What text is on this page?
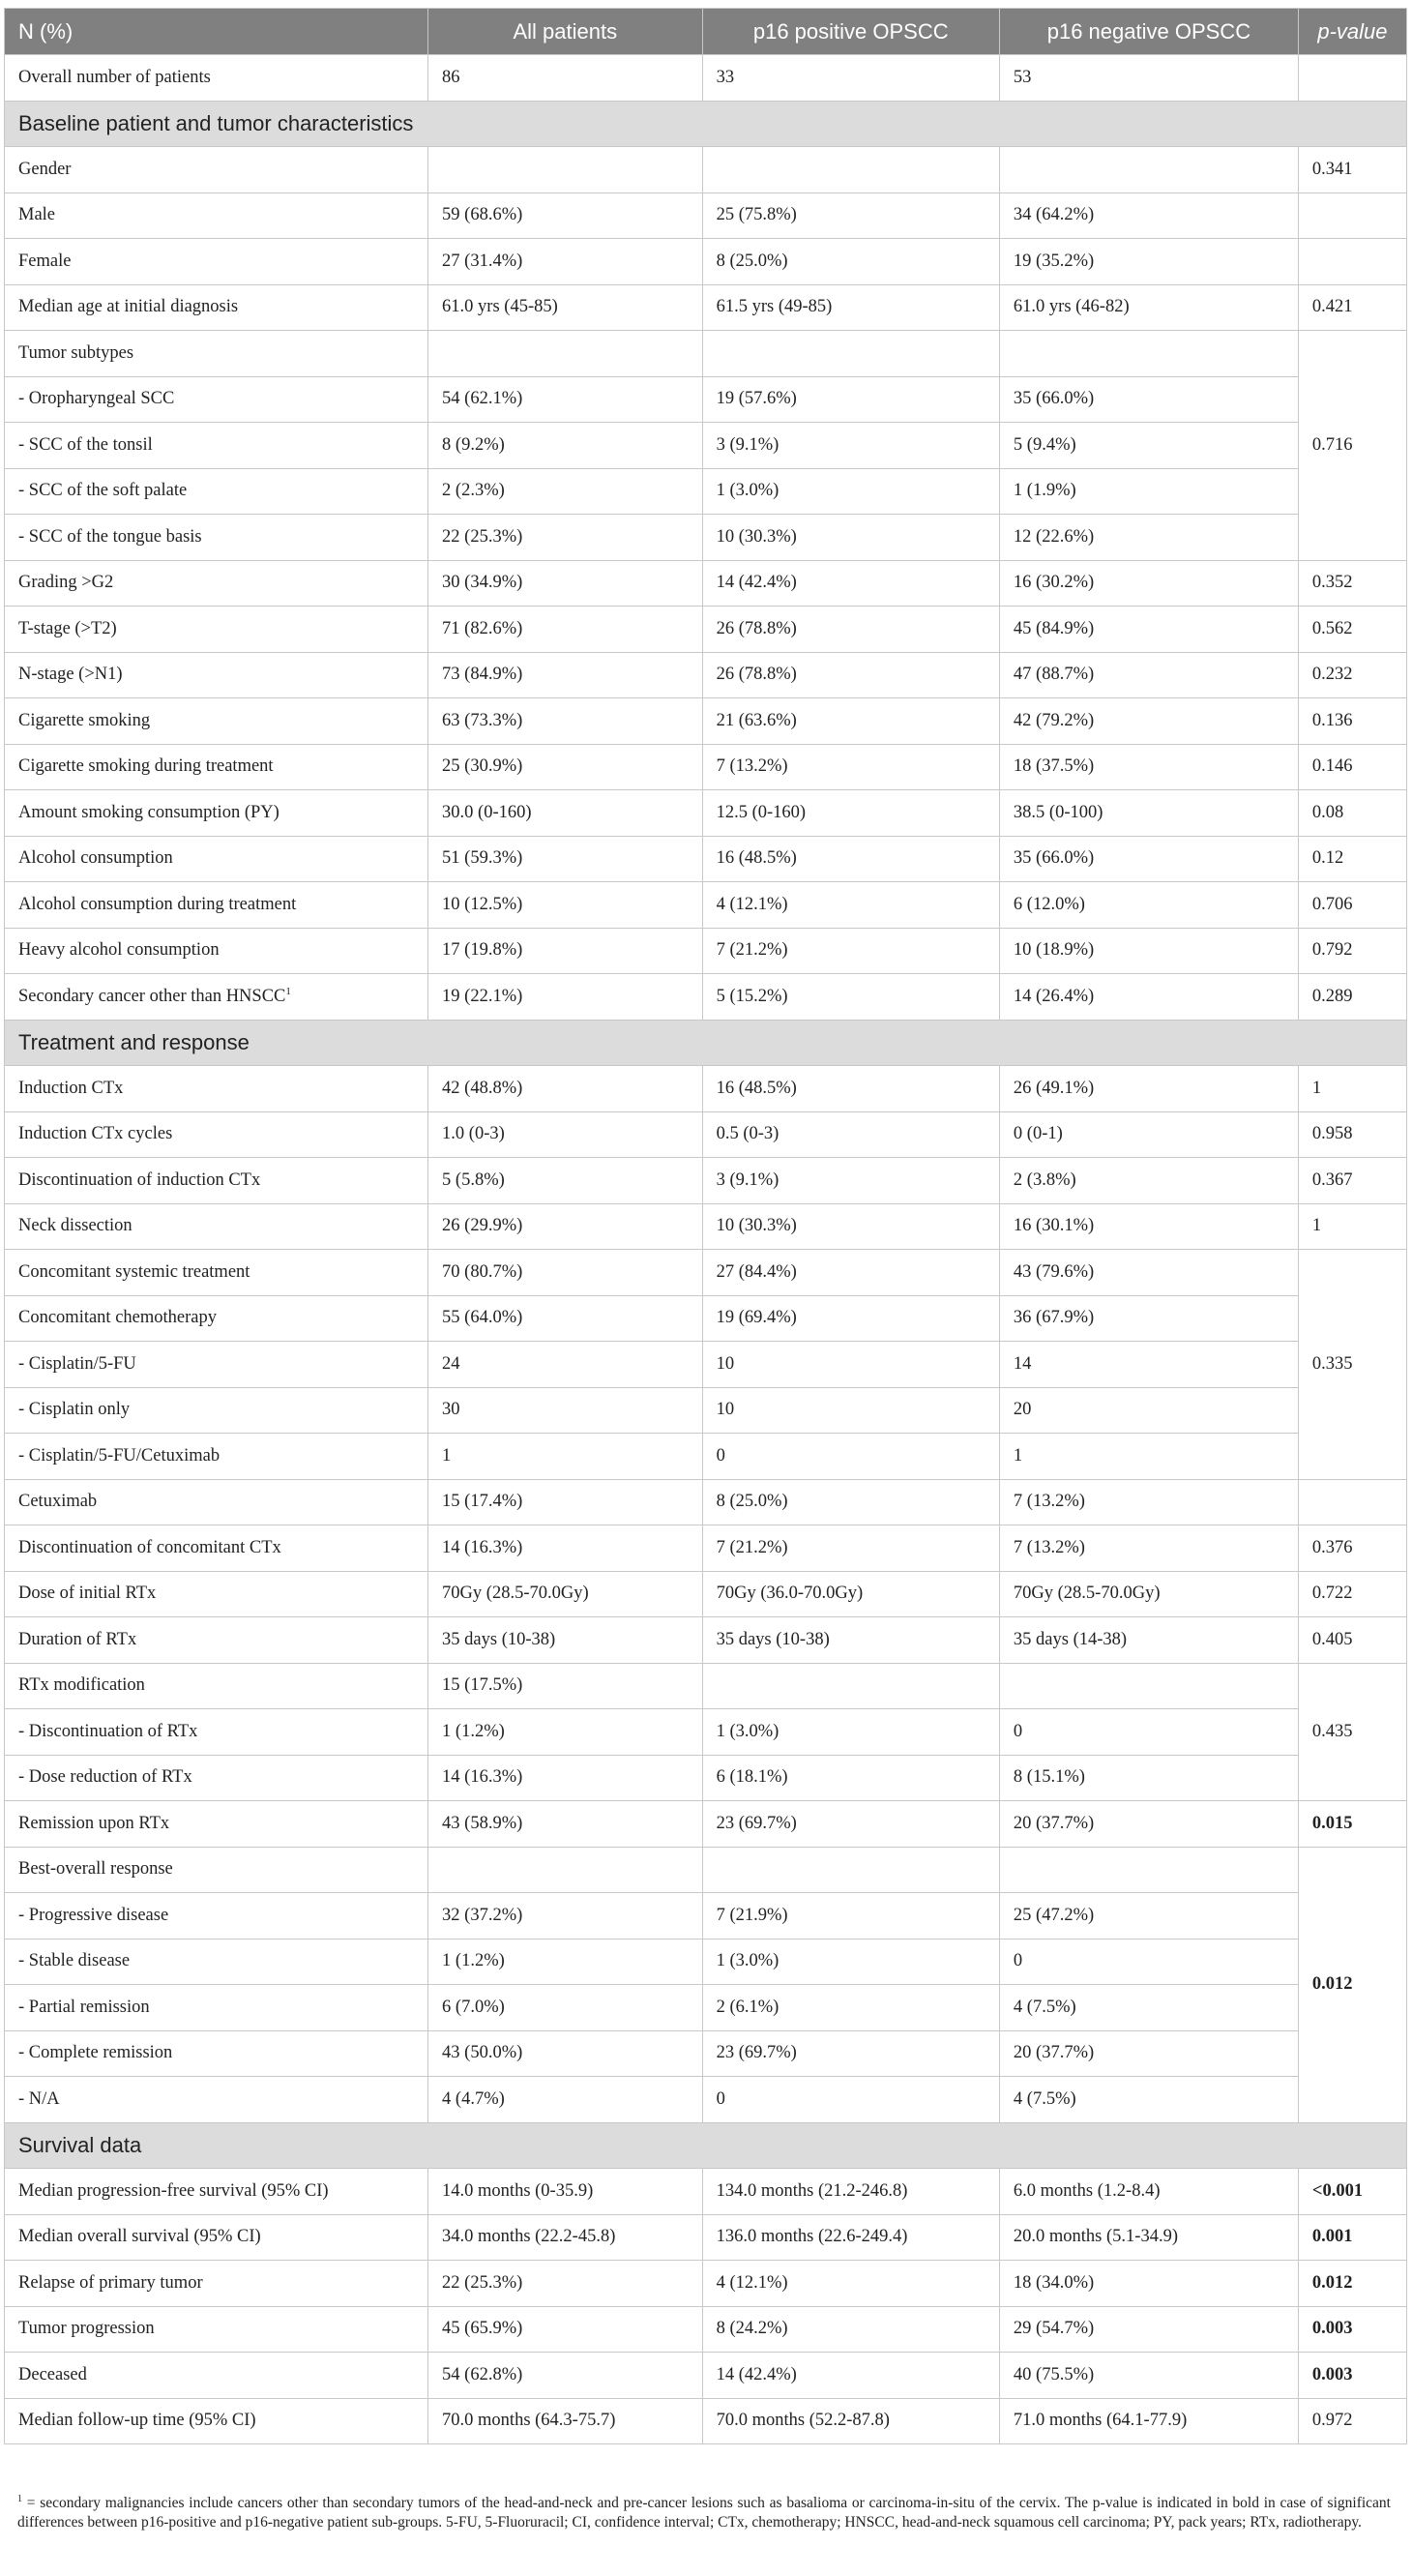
N (%)	All patients	p16 positive OPSCC	p16 negative OPSCC	p-value
Overall number of patients	86	33	53	
Baseline patient and tumor characteristics				
Gender				0.341
Male	59 (68.6%)	25 (75.8%)	34 (64.2%)	
Female	27 (31.4%)	8 (25.0%)	19 (35.2%)	
Median age at initial diagnosis	61.0 yrs (45-85)	61.5 yrs (49-85)	61.0 yrs (46-82)	0.421
Tumor subtypes				0.716
- Oropharyngeal SCC	54 (62.1%)	19 (57.6%)	35 (66.0%)	
- SCC of the tonsil	8 (9.2%)	3 (9.1%)	5 (9.4%)	
- SCC of the soft palate	2 (2.3%)	1 (3.0%)	1 (1.9%)	
- SCC of the tongue basis	22 (25.3%)	10 (30.3%)	12 (22.6%)	
Grading >G2	30 (34.9%)	14 (42.4%)	16 (30.2%)	0.352
T-stage (>T2)	71 (82.6%)	26 (78.8%)	45 (84.9%)	0.562
N-stage (>N1)	73 (84.9%)	26 (78.8%)	47 (88.7%)	0.232
Cigarette smoking	63 (73.3%)	21 (63.6%)	42 (79.2%)	0.136
Cigarette smoking during treatment	25 (30.9%)	7 (13.2%)	18 (37.5%)	0.146
Amount smoking consumption (PY)	30.0 (0-160)	12.5 (0-160)	38.5 (0-100)	0.08
Alcohol consumption	51 (59.3%)	16 (48.5%)	35 (66.0%)	0.12
Alcohol consumption during treatment	10 (12.5%)	4 (12.1%)	6 (12.0%)	0.706
Heavy alcohol consumption	17 (19.8%)	7 (21.2%)	10 (18.9%)	0.792
Secondary cancer other than HNSCC$^1$	19 (22.1%)	5 (15.2%)	14 (26.4%)	0.289
Treatment and response				
Induction CTx	42 (48.8%)	16 (48.5%)	26 (49.1%)	1
Induction CTx cycles	1.0 (0-3)	0.5 (0-3)	0 (0-1)	0.958
Discontinuation of induction CTx	5 (5.8%)	3 (9.1%)	2 (3.8%)	0.367
Neck dissection	26 (29.9%)	10 (30.3%)	16 (30.1%)	1
Concomitant systemic treatment	70 (80.7%)	27 (84.4%)	43 (79.6%)	0.335
Concomitant chemotherapy	55 (64.0%)	19 (69.4%)	36 (67.9%)	
- Cisplatin/5-FU	24	10	14	
- Cisplatin only	30	10	20	
- Cisplatin/5-FU/Cetuximab	1	0	1	
Cetuximab	15 (17.4%)	8 (25.0%)	7 (13.2%)	
Discontinuation of concomitant CTx	14 (16.3%)	7 (21.2%)	7 (13.2%)	0.376
Dose of initial RTx	70Gy (28.5-70.0Gy)	70Gy (36.0-70.0Gy)	70Gy (28.5-70.0Gy)	0.722
Duration of RTx	35 days (10-38)	35 days (10-38)	35 days (14-38)	0.405
RTx modification	15 (17.5%)			0.435
- Discontinuation of RTx	1 (1.2%)	1 (3.0%)	0	
- Dose reduction of RTx	14 (16.3%)	6 (18.1%)	8 (15.1%)	
Remission upon RTx	43 (58.9%)	23 (69.7%)	20 (37.7%)	0.015
Best-overall response				0.012
- Progressive disease	32 (37.2%)	7 (21.9%)	25 (47.2%)	
- Stable disease	1 (1.2%)	1 (3.0%)	0	
- Partial remission	6 (7.0%)	2 (6.1%)	4 (7.5%)	
- Complete remission	43 (50.0%)	23 (69.7%)	20 (37.7%)	
- N/A	4 (4.7%)	0	4 (7.5%)	
Survival data				
Median progression-free survival (95% CI)	14.0 months (0-35.9)	134.0 months (21.2-246.8)	6.0 months (1.2-8.4)	<0.001
Median overall survival (95% CI)	34.0 months (22.2-45.8)	136.0 months (22.6-249.4)	20.0 months (5.1-34.9)	0.001
Relapse of primary tumor	22 (25.3%)	4 (12.1%)	18 (34.0%)	0.012
Tumor progression	45 (65.9%)	8 (24.2%)	29 (54.7%)	0.003
Deceased	54 (62.8%)	14 (42.4%)	40 (75.5%)	0.003
Median follow-up time (95% CI)	70.0 months (64.3-75.7)	70.0 months (52.2-87.8)	71.0 months (64.1-77.9)	0.972
$^1$ = secondary malignancies include cancers other than secondary tumors of the head-and-neck and pre-cancer lesions such as basalioma or carcinoma-in-situ of the cervix. The p-value is indicated in bold in case of significant differences between p16-positive and p16-negative patient sub-groups. 5-FU, 5-Fluoruracil; CI, confidence interval; CTx, chemotherapy; HNSCC, head-and-neck squamous cell carcinoma; PY, pack years; RTx, radiotherapy.
